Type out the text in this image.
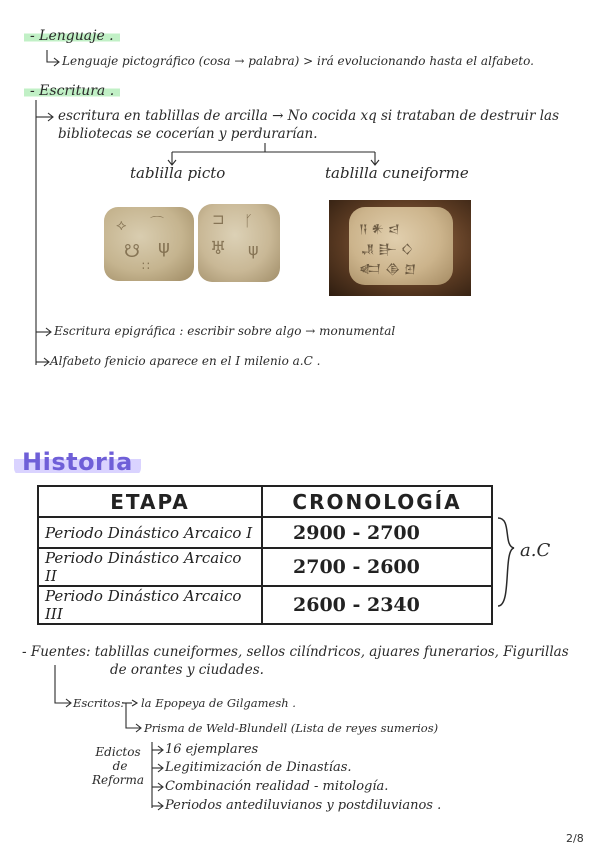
- Lenguaje .
Lenguaje pictográfico (cosa → palabra) > irá evolucionando hasta el alfabeto.
- Escritura .
escritura en tablillas de arcilla → No cocida xq si trataban de destruir las
bibliotecas se cocerían y perdurarían.
tablilla picto	tablilla cuneiforme
⟡ ⌒
☋ ψ
∷
⊐ ᚴ
♅ ψ
𒀀 𒀭 𒁀
𒂗 𒃲 𒄭
𒅗 𒆠 𒇻
Escritura epigráfica : escribir sobre algo → monumental
Alfabeto fenicio aparece en el I milenio a.C .
Historia
ETAPA	CRONOLOGÍA
Periodo Dinástico Arcaico I	2900 - 2700
Periodo Dinástico Arcaico II	2700 - 2600
Periodo Dinástico Arcaico III	2600 - 2340
a.C
- Fuentes: tablillas cuneiformes, sellos cilíndricos, ajuares funerarios, Figurillas
de orantes y ciudades.
Escritos: la Epopeya de Gilgamesh .
Prisma de Weld-Blundell (Lista de reyes sumerios)
Edictos
de
Reforma
16 ejemplares
Legitimización de Dinastías.
Combinación realidad - mitología.
Periodos antediluvianos y postdiluvianos .
2/8
